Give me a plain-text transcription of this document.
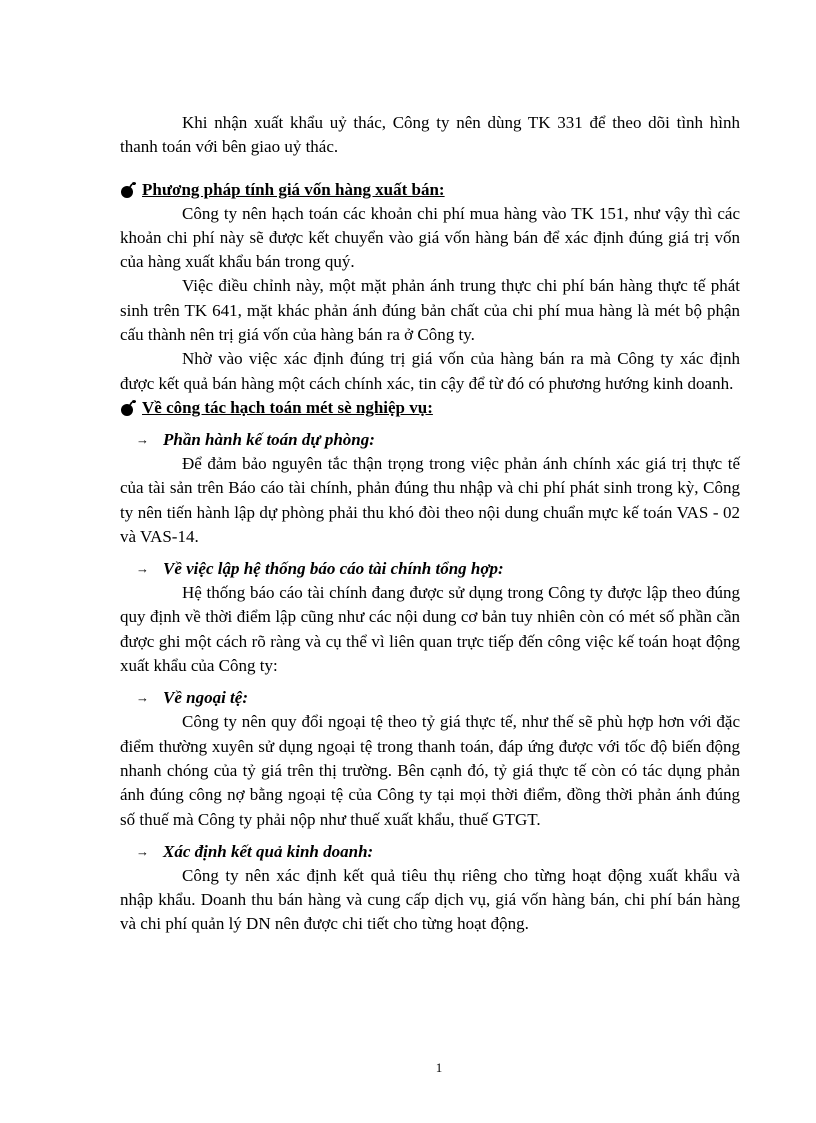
Khi nhận xuất khẩu uỷ thác, Công ty nên dùng TK 331 để theo dõi tình hình thanh toán với bên giao uỷ thác.

Phương pháp tính giá vốn hàng xuất bán:

Công ty nên hạch toán các khoản chi phí mua hàng vào TK 151, như vậy thì các khoản chi phí này sẽ được kết chuyển vào giá vốn hàng bán để xác định đúng giá trị vốn của hàng xuất khẩu bán trong quý.

Việc điều chỉnh này, một mặt phản ánh trung thực chi phí bán hàng thực tế phát sinh trên TK 641, mặt khác phản ánh đúng bản chất của chi phí mua hàng là mét bộ phận cấu thành nên trị giá vốn của hàng bán ra ở Công ty.

Nhờ vào việc xác định đúng trị giá vốn của hàng bán ra mà Công ty xác định được kết quả bán hàng một cách chính xác, tin cậy để từ đó có phương hướng kinh doanh.

Về công tác hạch toán mét sè nghiệp vụ:
→ Phần hành kế toán dự phòng:

Để đảm bảo nguyên tắc thận trọng trong việc phản ánh chính xác giá trị thực tế của tài sản trên Báo cáo tài chính, phản đúng thu nhập và chi phí phát sinh trong kỳ, Công ty nên tiến hành lập dự phòng phải thu khó đòi theo nội dung chuẩn mực kế toán VAS - 02 và VAS-14.

→ Về việc lập hệ thống báo cáo tài chính tổng hợp:

Hệ thống báo cáo tài chính đang được sử dụng trong Công ty được lập theo đúng quy định về thời điểm lập cũng như các nội dung cơ bản tuy nhiên còn có mét số phần cần được ghi một cách rõ ràng và cụ thể vì liên quan trực tiếp đến công việc kế toán hoạt động xuất khẩu của Công ty:

→ Về ngoại tệ:

Công ty nên quy đổi ngoại tệ theo tỷ giá thực tế, như thế sẽ phù hợp hơn với đặc điểm thường xuyên sử dụng ngoại tệ trong thanh toán, đáp ứng được với tốc độ biến động nhanh chóng của tỷ giá trên thị trường. Bên cạnh đó, tỷ giá thực tế còn có tác dụng phản ánh đúng công nợ bằng ngoại tệ của Công ty tại mọi thời điểm, đồng thời phản ánh đúng số thuế mà Công ty phải nộp như thuế xuất khẩu, thuế GTGT.

→ Xác định kết quả kinh doanh:

Công ty nên xác định kết quả tiêu thụ riêng cho từng hoạt động xuất khẩu và nhập khẩu. Doanh thu bán hàng và cung cấp dịch vụ, giá vốn hàng bán, chi phí bán hàng và chi phí quản lý DN nên được chi tiết cho từng hoạt động.

1
